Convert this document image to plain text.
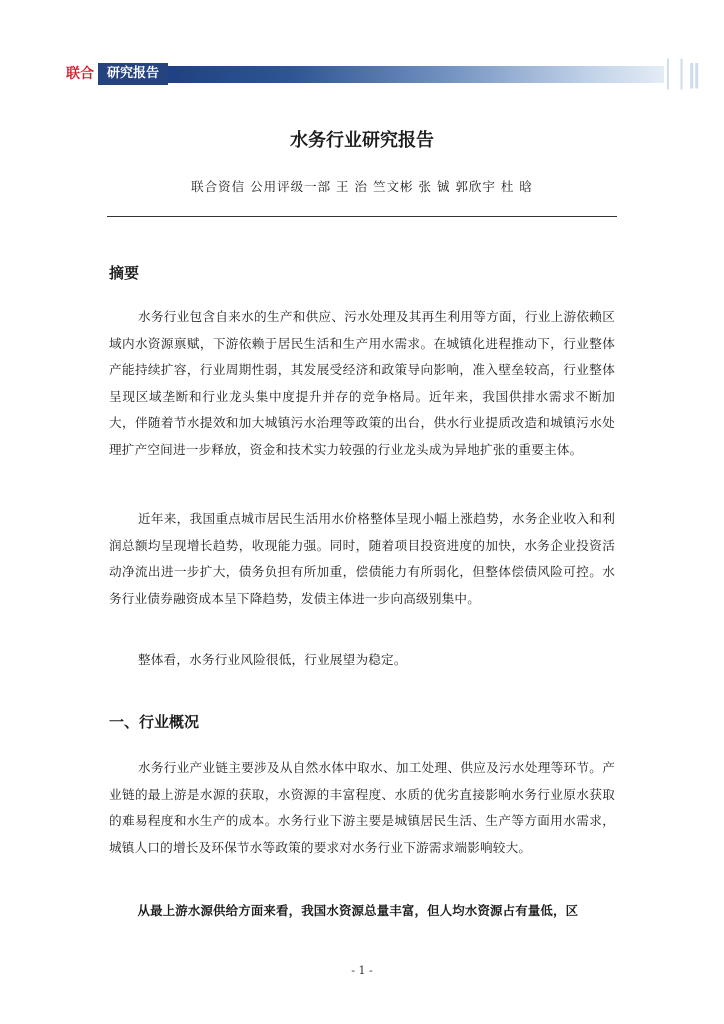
联合 研究报告	││∥
水务行业研究报告
联合资信 公用评级一部 王 治 竺文彬 张 铖 郭欣宇 杜 晗
摘要

水务行业包含自来水的生产和供应、污水处理及其再生利用等方面，行业上游依赖区域内水资源禀赋，下游依赖于居民生活和生产用水需求。在城镇化进程推动下，行业整体产能持续扩容，行业周期性弱，其发展受经济和政策导向影响，准入壁垒较高，行业整体呈现区域垄断和行业龙头集中度提升并存的竞争格局。近年来，我国供排水需求不断加大，伴随着节水提效和加大城镇污水治理等政策的出台，供水行业提质改造和城镇污水处理扩产空间进一步释放，资金和技术实力较强的行业龙头成为异地扩张的重要主体。

近年来，我国重点城市居民生活用水价格整体呈现小幅上涨趋势，水务企业收入和利润总额均呈现增长趋势，收现能力强。同时，随着项目投资进度的加快，水务企业投资活动净流出进一步扩大，债务负担有所加重，偿债能力有所弱化，但整体偿债风险可控。水务行业债券融资成本呈下降趋势，发债主体进一步向高级别集中。

整体看，水务行业风险很低，行业展望为稳定。

一、行业概况

水务行业产业链主要涉及从自然水体中取水、加工处理、供应及污水处理等环节。产业链的最上游是水源的获取，水资源的丰富程度、水质的优劣直接影响水务行业原水获取的难易程度和水生产的成本。水务行业下游主要是城镇居民生活、生产等方面用水需求，城镇人口的增长及环保节水等政策的要求对水务行业下游需求端影响较大。

从最上游水源供给方面来看，我国水资源总量丰富，但人均水资源占有量低，区

- 1 -
